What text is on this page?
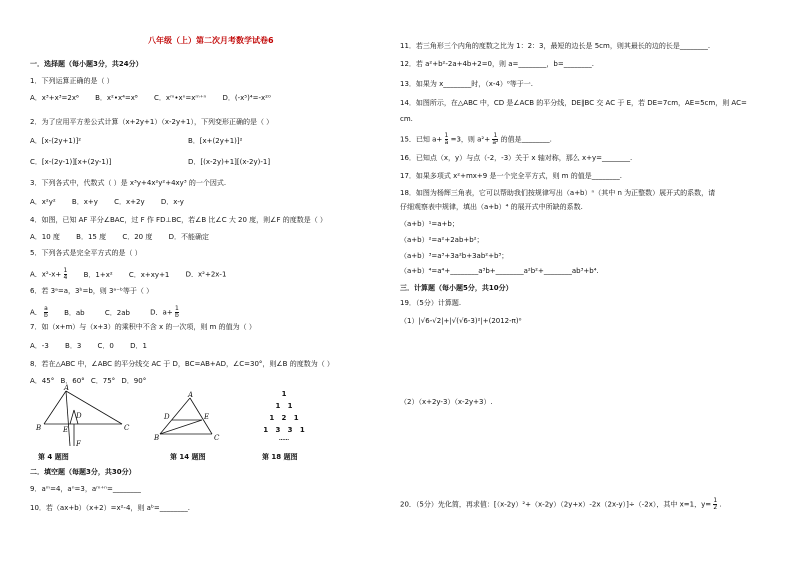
八年级（上）第二次月考数学试卷6
一．选择题（每小题3分，共24分）
1．下列运算正确的是（ ）
A．x³+x³=2x⁶ B．x²•x⁴=x⁸ C．xᵐ•xⁿ=xᵐ⁺ⁿ D．(-x⁵)⁴=-x²⁰
2．为了应用平方差公式计算（x+2y+1）（x-2y+1），下列变形正确的是（ ）
A．[x-(2y+1)]²	B．[x+(2y+1)]²
C．[x-(2y-1)][x+(2y-1)]	D．[(x-2y)+1][(x-2y)-1]
3．下列各式中，代数式（ ）是 x³y+4x²y²+4xy³ 的一个因式.
A．x²y² B．x+y C．x+2y D．x-y
4．如图，已知 AF 平分∠BAC，过 F 作 FD⊥BC，若∠B 比∠C 大 20 度，则∠F 的度数是（ ）
A．10 度 B．15 度 C．20 度 D．不能确定
5．下列各式是完全平方式的是（ ）
A．$x^2-x+ \frac{1}{4}$ B．1+x² C．x+xy+1 D．x²+2x-1
6．若 3ᵃ=a，3ᵇ=b，则 3ᵃ⁻ᵇ等于（ ）
A． $\frac{a}{b}$ B．ab	C．2ab	D．$a+ \frac{1}{b}$
7．如（x+m）与（x+3）的乘积中不含 x 的一次项，则 m 的值为（ ）
A．-3 B．3 C．0 D．1
8．若在△ABC 中，∠ABC 的平分线交 AC 于 D，BC=AB+AD，∠C=30°，则∠B 的度数为（ ）
A．45° B．60° C．75° D．90°
A
B	E
D
C
F
第 4 题图
A
D	E
B	C
第 14 题图
1
1   1
1   2   1
1   3   3   1
……
第 18 题图
二．填空题（每题3分，共30分）
9．aᵐ=4，aⁿ=3，aᵐ⁺ⁿ=________
10．若（ax+b）（x+2）=x²-4，则 aᵇ=________.
11．若三角形三个内角的度数之比为 1：2：3，最短的边长是 5cm，则其最长的边的长是________.
12．若 a²+b²-2a+4b+2=0，则 a=________，b=________.
13．如果为 x________时，（x-4）⁰等于一.
14．如图所示，在△ABC 中，CD 是∠ACB 的平分线，DE∥BC 交 AC 于 E，若 DE=7cm，AE=5cm，则 AC=
cm.
15．已知 $a+ \frac{1}{a} =3$，则 $a^2+ \frac{1}{\text{a²}}$ 的值是________.
16．已知点（x，y）与点（-2，-3）关于 x 轴对称，那么 x+y=________.
17．如果多项式 x²+mx+9 是一个完全平方式，则 m 的值是________.
18．如图为杨辉三角表，它可以帮助我们按规律写出（a+b）ⁿ（其中 n 为正整数）展开式的系数，请
仔细观察表中规律，填出（a+b）⁴ 的展开式中所缺的系数.
（a+b）¹=a+b；
（a+b）²=a²+2ab+b²；
（a+b）³=a³+3a²b+3ab²+b³；
（a+b）⁴=a⁴+________a³b+________a²b²+________ab³+b⁴.
三．计算题（每小题5分，共10分）
19．（5分）计算题.
（1）|√6-√2|+|√(√6-3)²|+(2012-π)⁰
（2）（x+2y-3）（x-2y+3）.
20．（5分）先化简，再求值：[（x-2y）²+（x-2y）（2y+x）-2x（2x-y）]÷（-2x），其中 x=1，$y= \frac{1}{2}$ .
